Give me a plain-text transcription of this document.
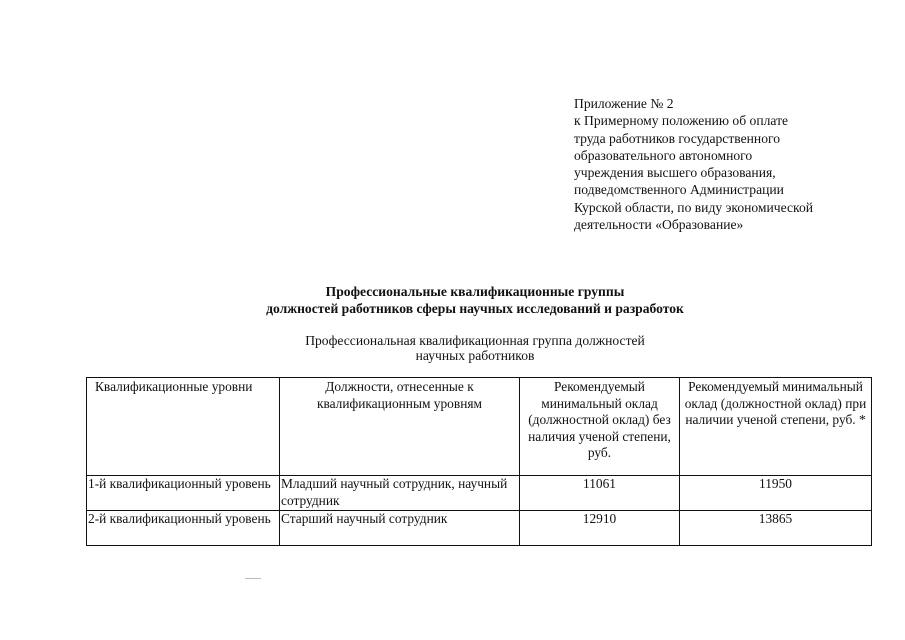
Приложение № 2
к Примерному положению об оплате
труда работников государственного
образовательного автономного
учреждения высшего образования,
подведомственного Администрации
Курской области, по виду экономической
деятельности «Образование»
Профессиональные квалификационные группы
должностей работников сферы научных исследований и разработок
Профессиональная квалификационная группа должностей
научных работников
Квалификационные уровни	Должности, отнесенные к квалификационным уровням	Рекомендуемый минимальный оклад (должностной оклад) без наличия ученой степени, руб.	Рекомендуемый минимальный оклад (должностной оклад) при наличии ученой степени, руб. *
1-й квалификационный уровень	Младший научный сотрудник, научный сотрудник	11061	11950
2-й квалификационный уровень	Старший научный сотрудник	12910	13865
